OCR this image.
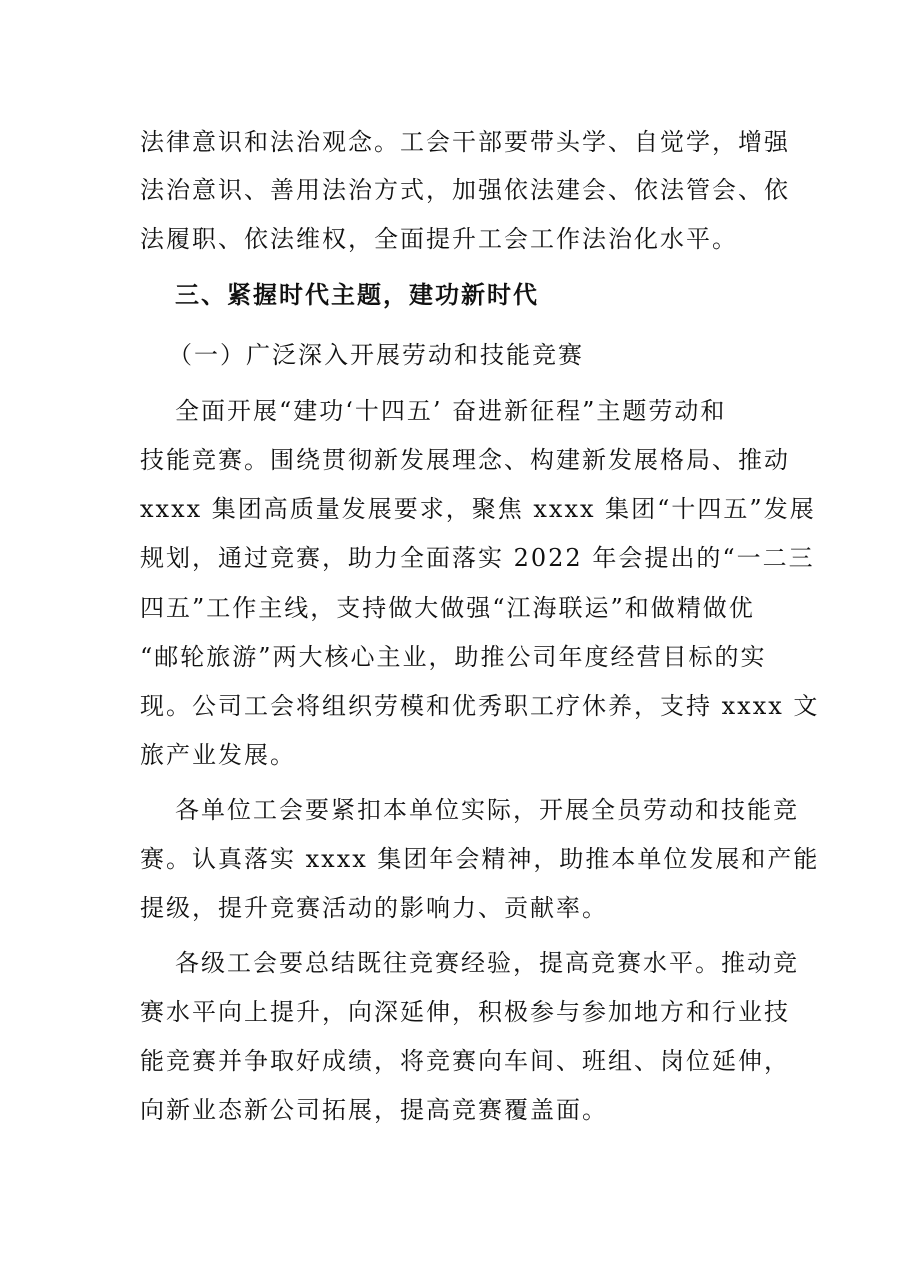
法律意识和法治观念。工会干部要带头学、自觉学，增强
法治意识、善用法治方式，加强依法建会、依法管会、依
法履职、依法维权，全面提升工会工作法治化水平。
三、紧握时代主题，建功新时代
（一）广泛深入开展劳动和技能竞赛
全面开展“建功‘十四五’ 奋进新征程”主题劳动和
技能竞赛。围绕贯彻新发展理念、构建新发展格局、推动
xxxx 集团高质量发展要求，聚焦 xxxx 集团“十四五”发展
规划，通过竞赛，助力全面落实 2022 年会提出的“一二三
四五”工作主线，支持做大做强“江海联运”和做精做优
“邮轮旅游”两大核心主业，助推公司年度经营目标的实
现。公司工会将组织劳模和优秀职工疗休养，支持 xxxx 文
旅产业发展。
各单位工会要紧扣本单位实际，开展全员劳动和技能竞
赛。认真落实 xxxx 集团年会精神，助推本单位发展和产能
提级，提升竞赛活动的影响力、贡献率。
各级工会要总结既往竞赛经验，提高竞赛水平。推动竞
赛水平向上提升，向深延伸，积极参与参加地方和行业技
能竞赛并争取好成绩，将竞赛向车间、班组、岗位延伸，
向新业态新公司拓展，提高竞赛覆盖面。
